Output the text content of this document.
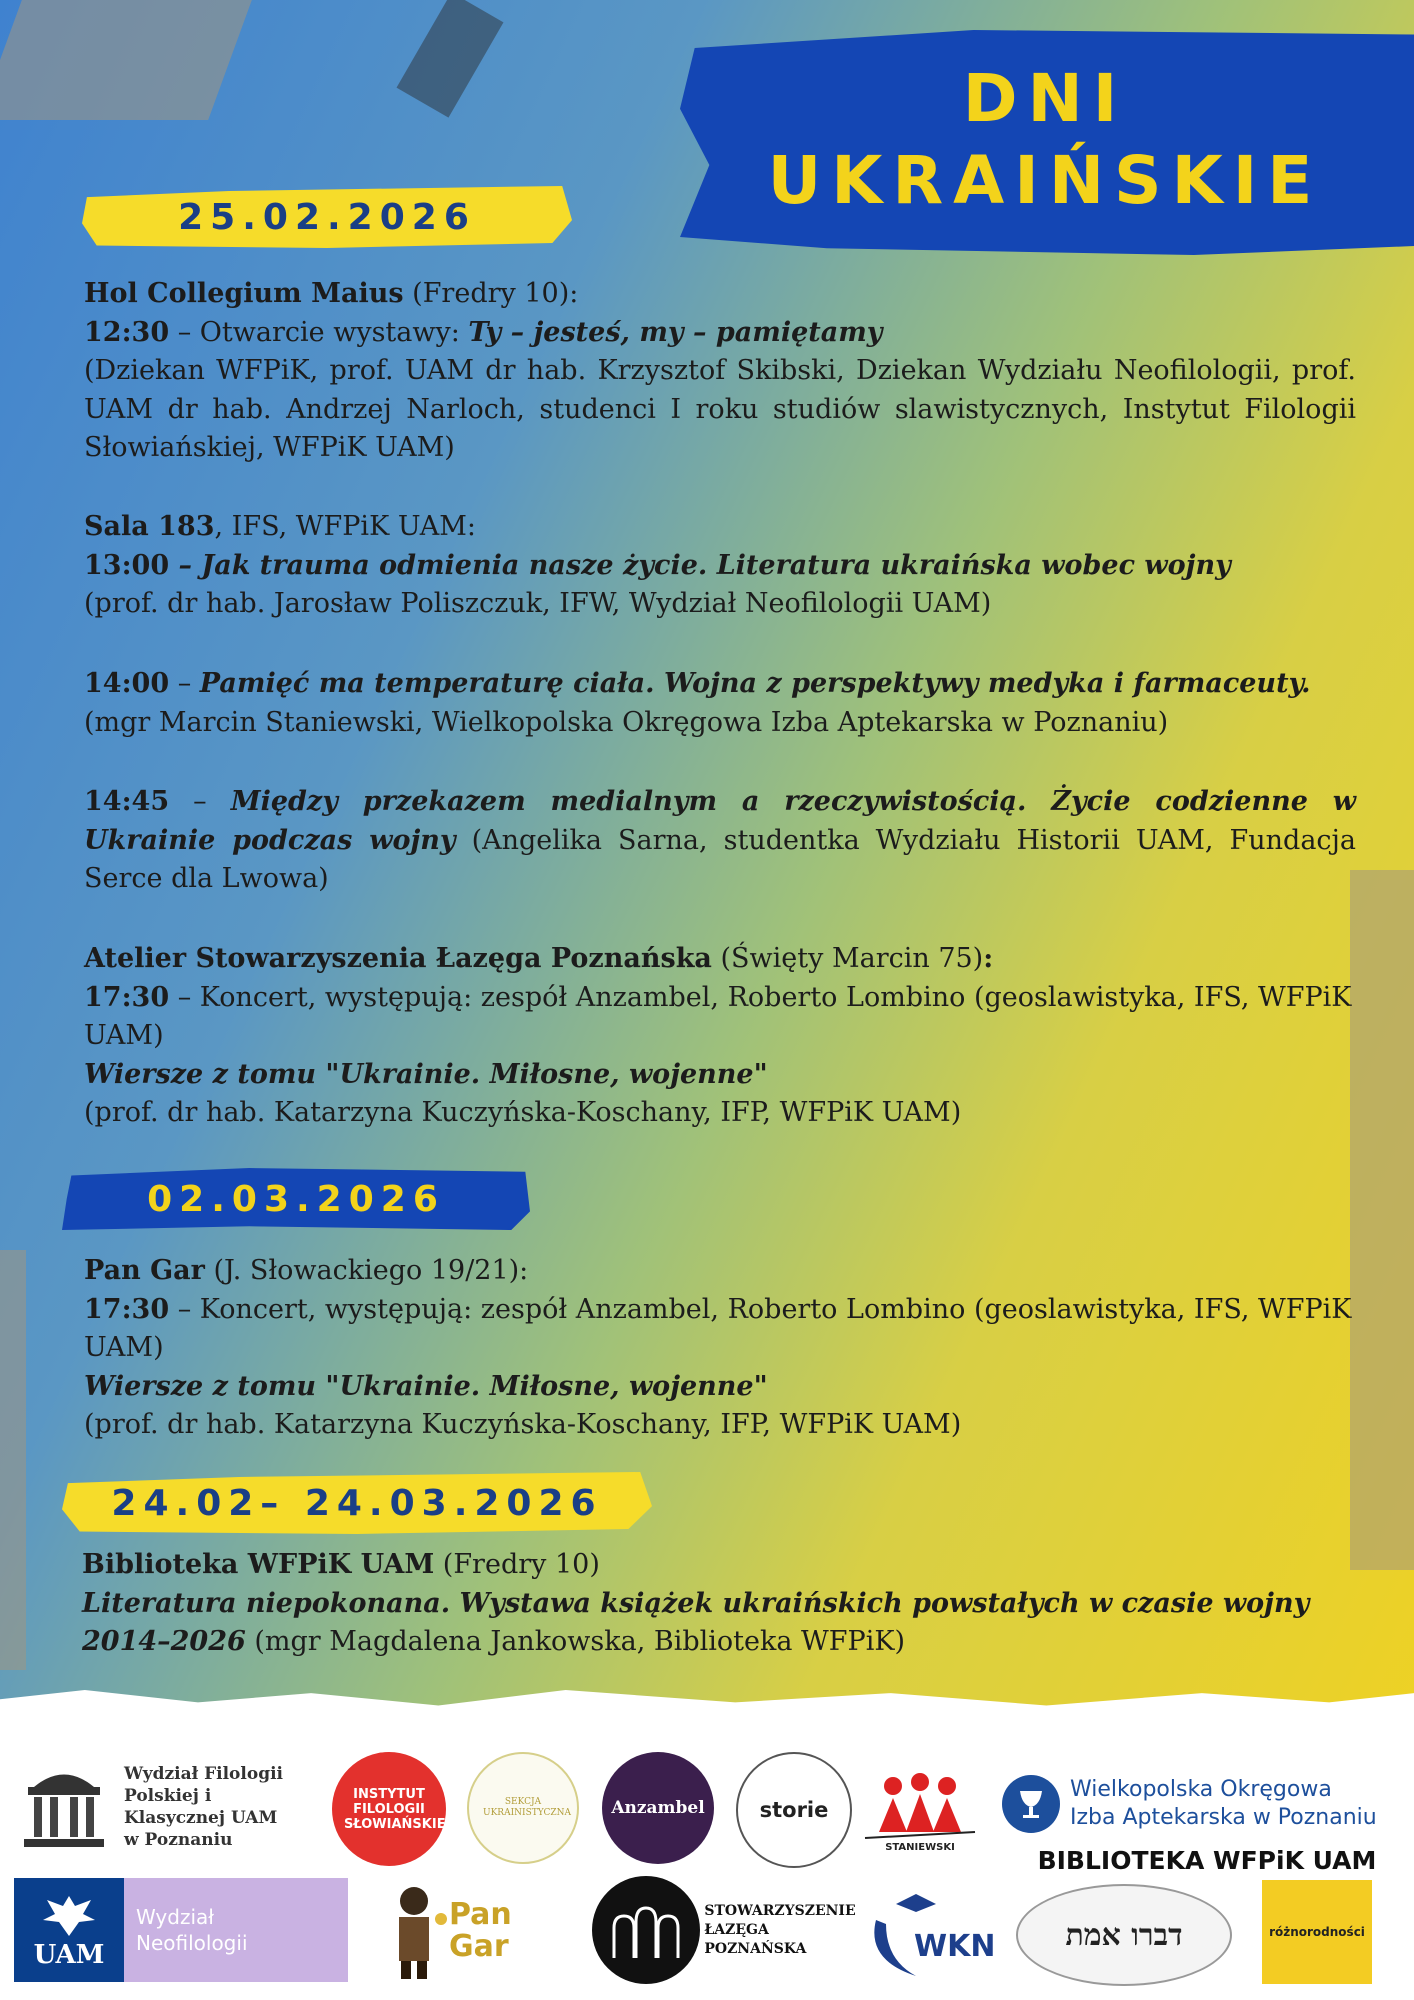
DNI
UKRAIŃSKIE
25.02.2026

Hol Collegium Maius (Fredry 10):

12:30 – Otwarcie wystawy: Ty – jesteś, my – pamiętamy

(Dziekan WFPiK, prof. UAM dr hab. Krzysztof Skibski, Dziekan Wydziału Neofilologii, prof. UAM dr hab. Andrzej Narloch, studenci I roku studiów slawistycznych, Instytut Filologii Słowiańskiej, WFPiK UAM)

Sala 183, IFS, WFPiK UAM:

13:00 – Jak trauma odmienia nasze życie. Literatura ukraińska wobec wojny

(prof. dr hab. Jarosław Poliszczuk, IFW, Wydział Neofilologii UAM)

14:00 – Pamięć ma temperaturę ciała. Wojna z perspektywy medyka i farmaceuty.

(mgr Marcin Staniewski, Wielkopolska Okręgowa Izba Aptekarska w Poznaniu)

14:45 – Między przekazem medialnym a rzeczywistością. Życie codzienne w Ukrainie podczas wojny (Angelika Sarna, studentka Wydziału Historii UAM, Fundacja Serce dla Lwowa)

Atelier Stowarzyszenia Łazęga Poznańska (Święty Marcin 75):

17:30 – Koncert, występują: zespół Anzambel, Roberto Lombino (geoslawistyka, IFS, WFPiK UAM)

Wiersze z tomu "Ukrainie. Miłosne, wojenne"

(prof. dr hab. Katarzyna Kuczyńska-Koschany, IFP, WFPiK UAM)

02.03.2026

Pan Gar (J. Słowackiego 19/21):

17:30 – Koncert, występują: zespół Anzambel, Roberto Lombino (geoslawistyka, IFS, WFPiK UAM)

Wiersze z tomu "Ukrainie. Miłosne, wojenne"

(prof. dr hab. Katarzyna Kuczyńska-Koschany, IFP, WFPiK UAM)

24.02– 24.03.2026

Biblioteka WFPiK UAM (Fredry 10)

Literatura niepokonana. Wystawa książek ukraińskich powstałych w czasie wojny 2014–2026 (mgr Magdalena Jankowska, Biblioteka WFPiK)

Wydział Filologii Polskiej i Klasycznej UAM w Poznaniu
INSTYTUT FILOLOGII SŁOWIAŃSKIEJ
SEKCJA UKRAINISTYCZNA Anzambel	storie
STANIEWSKI
Wielkopolska Okręgowa
Izba Aptekarska w Poznaniu
BIBLIOTEKA WFPiK UAM
UAM
Wydział Neofilologii
Pan Gar
STOWARZYSZENIE ŁAZĘGA POZNAŃSKA	WKN דברו אמת	różnorodności
